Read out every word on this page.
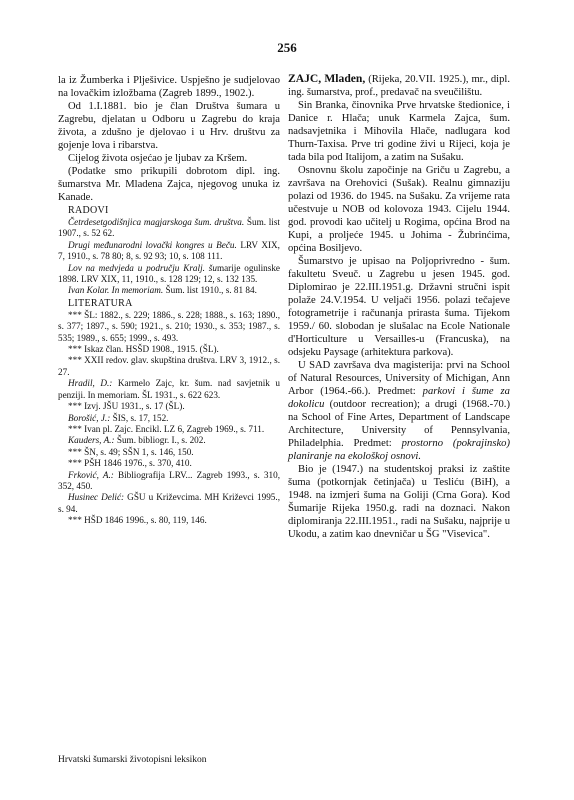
256

la iz Žumberka i Plješivice. Uspješno je sudjelovao na lovačkim izložbama (Zagreb 1899., 1902.).

Od 1.I.1881. bio je član Društva šumara u Zagrebu, djelatan u Odboru u Zagrebu do kraja života, a zdušno je djelovao i u Hrv. društvu za gojenje lova i ribarstva.

Cijelog života osjećao je ljubav za Kršem.

(Podatke smo prikupili dobrotom dipl. ing. šumarstva Mr. Mladena Zajca, njegovog unuka iz Kanade.

RADOVI

Četrdesetgodišnjica magjarskoga šum. društva. Šum. list 1907., s. 52 62.

Drugi međunarodni lovački kongres u Beču. LRV XIX, 7, 1910., s. 78 80; 8, s. 92 93; 10, s. 108 111.

Lov na medvjeda u području Kralj. šumarije ogulinske 1898. LRV XIX, 11, 1910., s. 128 129; 12, s. 132 135.

Ivan Kolar. In memoriam. Šum. list 1910., s. 81 84.

LITERATURA

*** ŠL: 1882., s. 229; 1886., s. 228; 1888., s. 163; 1890., s. 377; 1897., s. 590; 1921., s. 210; 1930., s. 353; 1987., s. 535; 1989., s. 655; 1999., s. 493.

*** Iskaz član. HSŠD 1908., 1915. (ŠL).

*** XXII redov. glav. skupština društva. LRV 3, 1912., s. 27.

Hradil, D.: Karmelo Zajc, kr. šum. nad savjetnik u penziji. In memoriam. ŠL 1931., s. 622 623.

*** Izvj. JŠU 1931., s. 17 (ŠL).

Borošić, J.: ŠIS, s. 17, 152.

*** Ivan pl. Zajc. Encikl. LZ 6, Zagreb 1969., s. 711.

Kauders, A.: Šum. bibliogr. I., s. 202.

*** ŠN, s. 49; SŠN 1, s. 146, 150.

*** PŠH 1846 1976., s. 370, 410.

Frković, A.: Bibliografija LRV... Zagreb 1993., s. 310, 352, 450.

Husinec Delić: GŠU u Križevcima. MH Križevci 1995., s. 94.

*** HŠD 1846 1996., s. 80, 119, 146.

ZAJC, Mladen, (Rijeka, 20.VII. 1925.), mr., dipl. ing. šumarstva, prof., predavač na sveučilištu.

Sin Branka, činovnika Prve hrvatske štedionice, i Danice r. Hlača; unuk Karmela Zajca, šum. nadsavjetnika i Mihovila Hlače, nadlugara kod Thurn-Taxisa. Prve tri godine živi u Rijeci, koja je tada bila pod Italijom, a zatim na Sušaku.

Osnovnu školu započinje na Griču u Zagrebu, a završava na Orehovici (Sušak). Realnu gimnaziju polazi od 1936. do 1945. na Sušaku. Za vrijeme rata učestvuje u NOB od kolovoza 1943. Cijelu 1944. god. provodi kao učitelj u Rogima, općina Brod na Kupi, a proljeće 1945. u Johima - Žubrinćima, općina Bosiljevo.

Šumarstvo je upisao na Poljoprivredno - šum. fakultetu Sveuč. u Zagrebu u jesen 1945. god. Diplomirao je 22.III.1951.g. Državni stručni ispit polaže 24.V.1954. U veljači 1956. polazi tečajeve fotogrametrije i računanja prirasta šuma. Tijekom 1959./ 60. slobodan je slušalac na Ecole Nationale d'Horticulture u Versailles-u (Francuska), na odsjeku Paysage (arhitektura parkova).

U SAD završava dva magisterija: prvi na School of Natural Resources, University of Michigan, Ann Arbor (1964.-66.). Predmet: parkovi i šume za dokolicu (outdoor recreation); a drugi (1968.-70.) na School of Fine Artes, Department of Landscape Architecture, University of Pennsylvania, Philadelphia. Predmet: prostorno (pokrajinsko) planiranje na ekološkoj osnovi.

Bio je (1947.) na studentskoj praksi iz zaštite šuma (potkornjak četinjača) u Tesliću (BiH), a 1948. na izmjeri šuma na Goliji (Crna Gora). Kod Šumarije Rijeka 1950.g. radi na doznaci. Nakon diplomiranja 22.III.1951., radi na Sušaku, najprije u Ukodu, a zatim kao dnevničar u ŠG "Visevica".

Hrvatski šumarski životopisni leksikon
